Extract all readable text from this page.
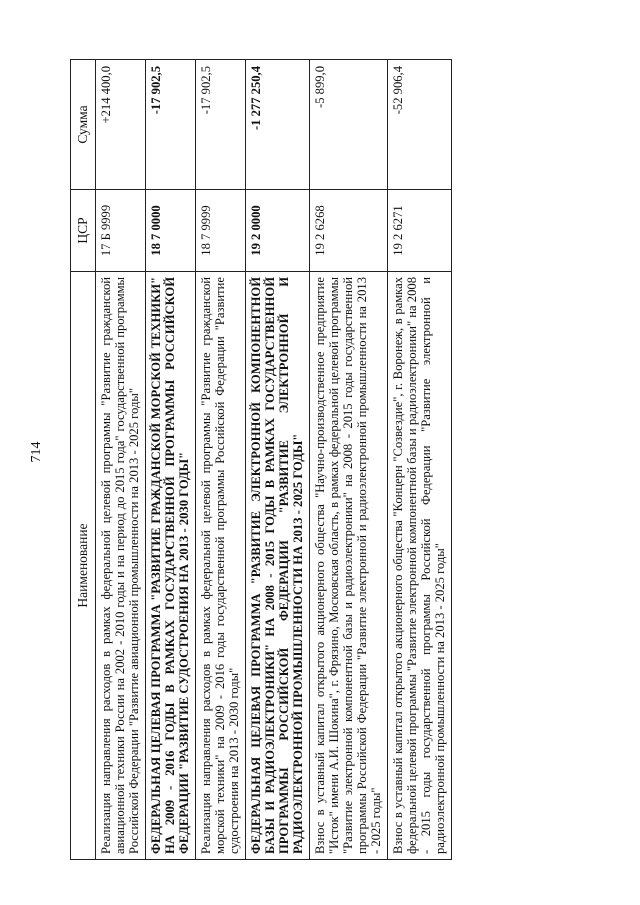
714
Наименование	ЦСР	Сумма
Реализация направления расходов в рамках федеральной целевой программы "Развитие гражданской авиационной техники России на 2002 - 2010 годы и на период до 2015 года" государственной программы Российской Федерации "Развитие авиационной промышленности на 2013 - 2025 годы"	17 Б 9999	+214 400,0
ФЕДЕРАЛЬНАЯ ЦЕЛЕВАЯ ПРОГРАММА "РАЗВИТИЕ ГРАЖДАНСКОЙ МОРСКОЙ ТЕХНИКИ" НА 2009 - 2016 ГОДЫ В РАМКАХ ГОСУДАРСТВЕННОЙ ПРОГРАММЫ РОССИЙСКОЙ ФЕДЕРАЦИИ "РАЗВИТИЕ СУДОСТРОЕНИЯ НА 2013 - 2030 ГОДЫ"	18 7 0000	-17 902,5
Реализация направления расходов в рамках федеральной целевой программы "Развитие гражданской морской техники" на 2009 - 2016 годы государственной программы Российской Федерации "Развитие судостроения на 2013 - 2030 годы"	18 7 9999	-17 902,5
ФЕДЕРАЛЬНАЯ ЦЕЛЕВАЯ ПРОГРАММА "РАЗВИТИЕ ЭЛЕКТРОННОЙ КОМПОНЕНТНОЙ БАЗЫ И РАДИОЭЛЕКТРОНИКИ" НА 2008 - 2015 ГОДЫ В РАМКАХ ГОСУДАРСТВЕННОЙ ПРОГРАММЫ РОССИЙСКОЙ ФЕДЕРАЦИИ "РАЗВИТИЕ ЭЛЕКТРОННОЙ И РАДИОЭЛЕКТРОННОЙ ПРОМЫШЛЕННОСТИ НА 2013 - 2025 ГОДЫ"	19 2 0000	-1 277 250,4
Взнос в уставный капитал открытого акционерного общества "Научно-производственное предприятие "Исток" имени А.И. Шокина", г. Фрязино, Московская область, в рамках федеральной целевой программы "Развитие электронной компонентной базы и радиоэлектроники" на 2008 - 2015 годы государственной программы Российской Федерации "Развитие электронной и радиоэлектронной промышленности на 2013 - 2025 годы"	19 2 6268	-5 899,0
Взнос в уставный капитал открытого акционерного общества "Концерн "Созвездие", г. Воронеж, в рамках федеральной целевой программы "Развитие электронной компонентной базы и радиоэлектроники" на 2008 - 2015 годы государственной программы Российской Федерации "Развитие электронной и радиоэлектронной промышленности на 2013 - 2025 годы"	19 2 6271	-52 906,4
